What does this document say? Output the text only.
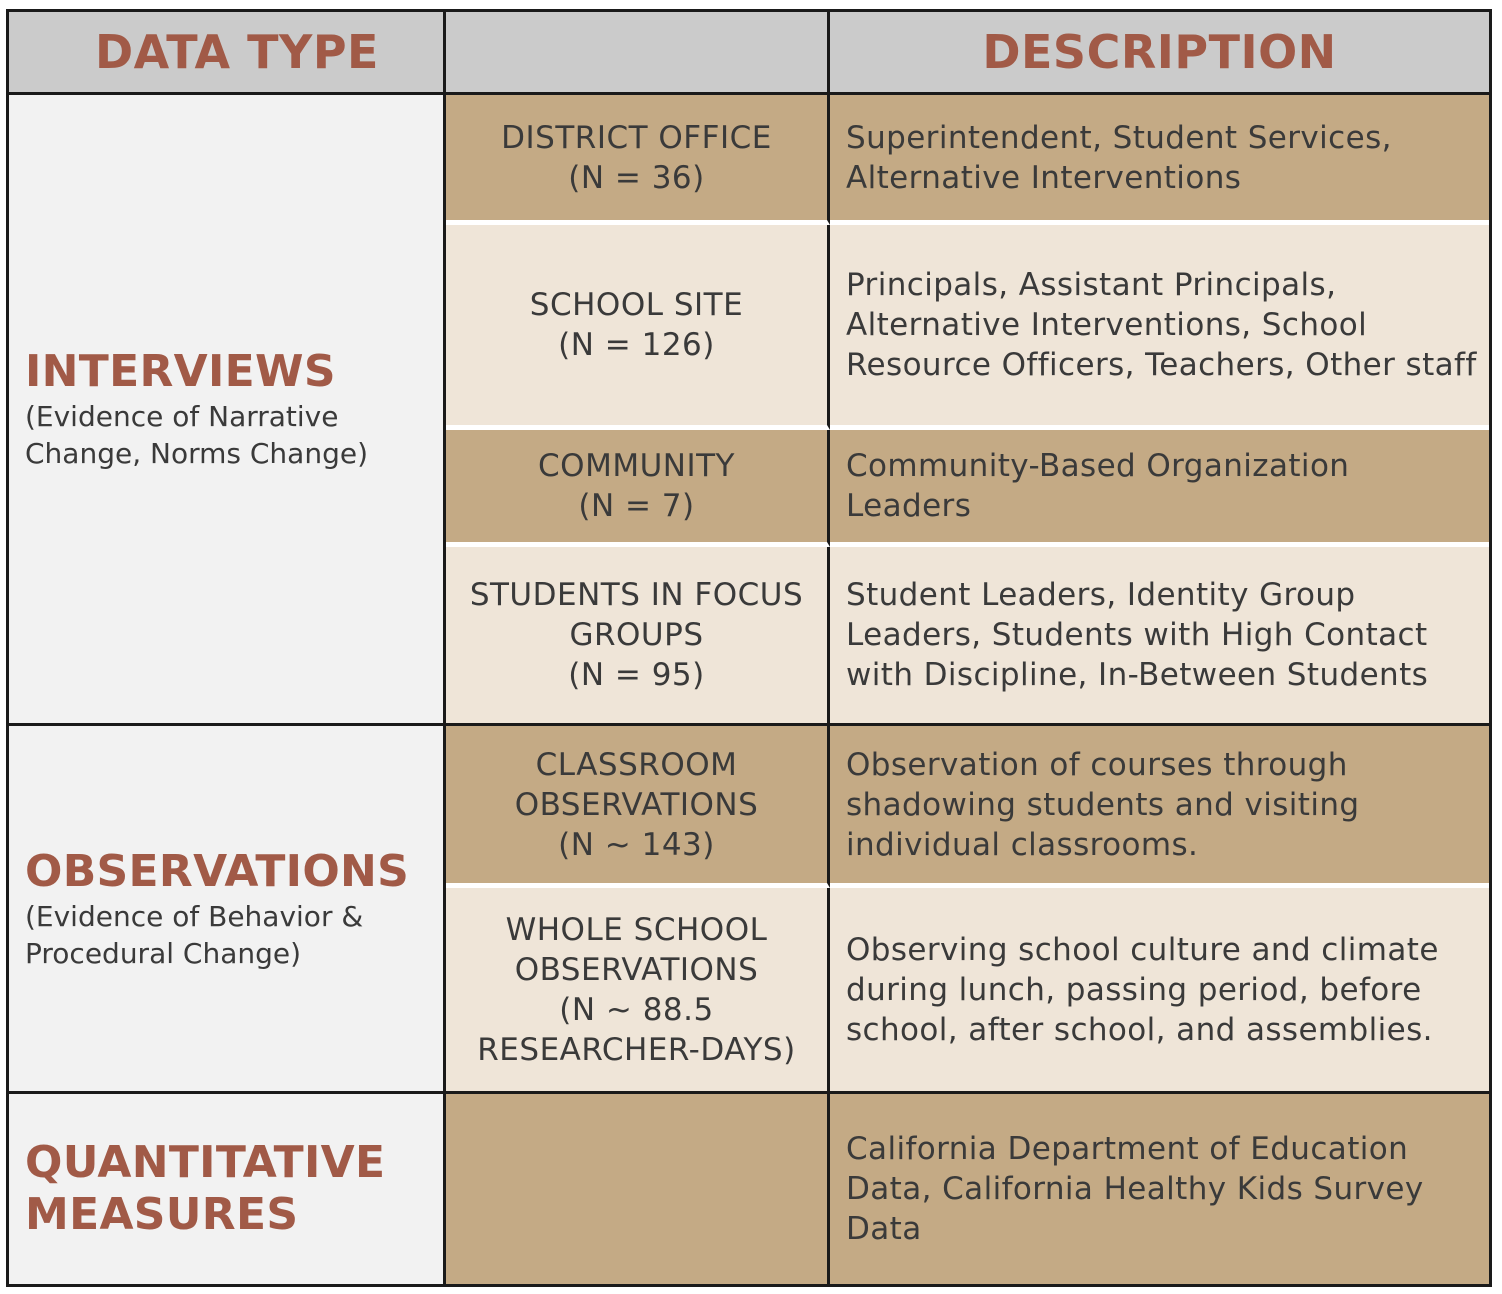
DATA TYPE	DESCRIPTION
INTERVIEWS
(Evidence of Narrative
Change, Norms Change)
DISTRICT OFFICE
(N = 36)
Superintendent, Student Services,
Alternative Interventions
SCHOOL SITE
(N = 126)
Principals, Assistant Principals,
Alternative Interventions, School
Resource Officers, Teachers, Other staff
COMMUNITY
(N = 7)
Community-Based Organization Leaders
STUDENTS IN FOCUS
GROUPS
(N = 95)
Student Leaders, Identity Group
Leaders, Students with High Contact
with Discipline, In-Between Students
OBSERVATIONS
(Evidence of Behavior &
Procedural Change)
CLASSROOM
OBSERVATIONS
(N ~ 143)
Observation of courses through
shadowing students and visiting
individual classrooms.
WHOLE SCHOOL
OBSERVATIONS
(N ~ 88.5
RESEARCHER-DAYS)
Observing school culture and climate
during lunch, passing period, before
school, after school, and assemblies.
QUANTITATIVE
MEASURES
California Department of Education
Data, California Healthy Kids Survey
Data
